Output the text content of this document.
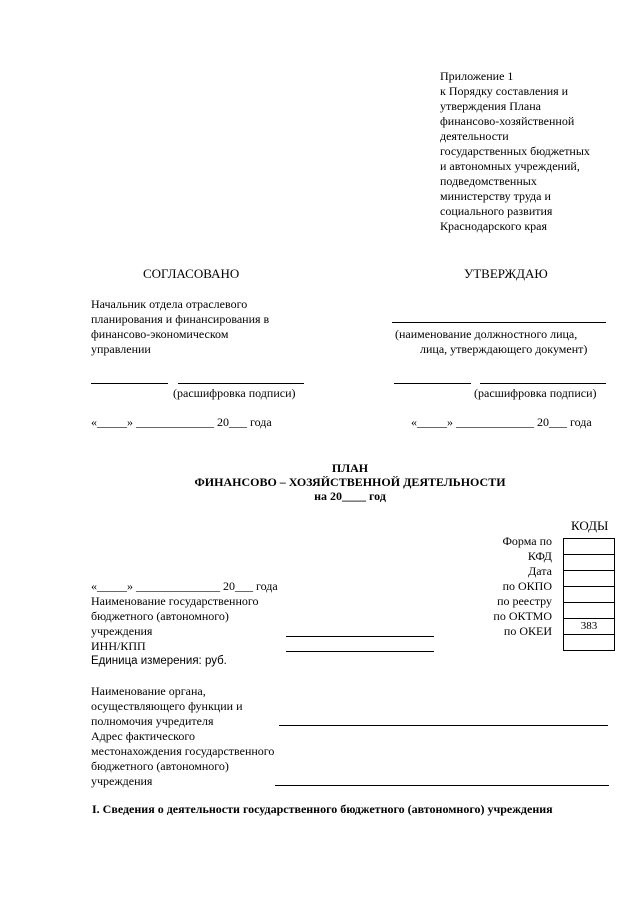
Приложение 1
к Порядку составления и
утверждения Плана
финансово-хозяйственной
деятельности
государственных бюджетных
и автономных учреждений,
подведомственных
министерству труда и
социального развития
Краснодарского края
СОГЛАСОВАНО
Начальник отдела отраслевого
планирования и финансирования в
финансово-экономическом
управлении
(расшифровка подписи)
«_____» _____________ 20___ года
УТВЕРЖДАЮ
(наименование должностного лица,
лица, утверждающего документ)
(расшифровка подписи)
«_____» _____________ 20___ года
ПЛАН
ФИНАНСОВО – ХОЗЯЙСТВЕННОЙ ДЕЯТЕЛЬНОСТИ
на 20____ год
КОДЫ
Форма по
КФД
Дата
по ОКПО
по реестру
по ОКТМО
по ОКЕИ	383
«_____» ______________ 20___ года
Наименование государственного
бюджетного (автономного)
учреждения
ИНН/КПП
Единица измерения: руб.
Наименование органа,
осуществляющего функции и
полномочия учредителя
Адрес фактического
местонахождения государственного
бюджетного (автономного)
учреждения
I. Сведения о деятельности государственного бюджетного (автономного) учреждения
